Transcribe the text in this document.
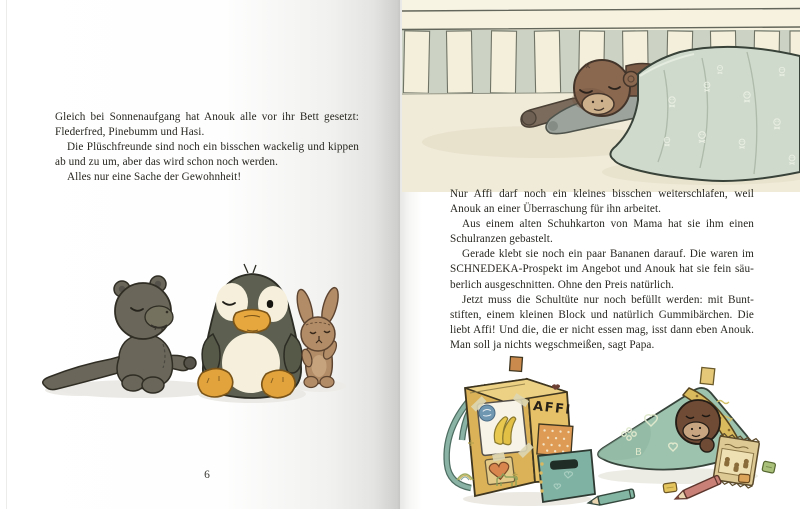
Gleich bei Sonnenaufgang hat Anouk alle vor ihr Bett gesetzt:
Flederfred, Pinebumm und Hasi.
Die Plüschfreunde sind noch ein bisschen wackelig und kippen
ab und zu um, aber das wird schon noch werden.
Alles nur eine Sache der Gewohnheit!
6
Nur Affi darf noch ein kleines bisschen weiterschlafen, weil
Anouk an einer Überraschung für ihn arbeitet.
Aus einem alten Schuhkarton von Mama hat sie ihm einen
Schulranzen gebastelt.
Gerade klebt sie noch ein paar Bananen darauf. Die waren im
SCHNEDEKA-Prospekt im Angebot und Anouk hat sie fein säu-
berlich ausgeschnitten. Ohne den Preis natürlich.
Jetzt muss die Schultüte nur noch befüllt werden: mit Bunt-
stiften, einem kleinen Block und natürlich Gummibärchen. Die
liebt Affi! Und die, die er nicht essen mag, isst dann eben Anouk.
Man soll ja nichts wegschmeißen, sagt Papa.
AFFI
B
